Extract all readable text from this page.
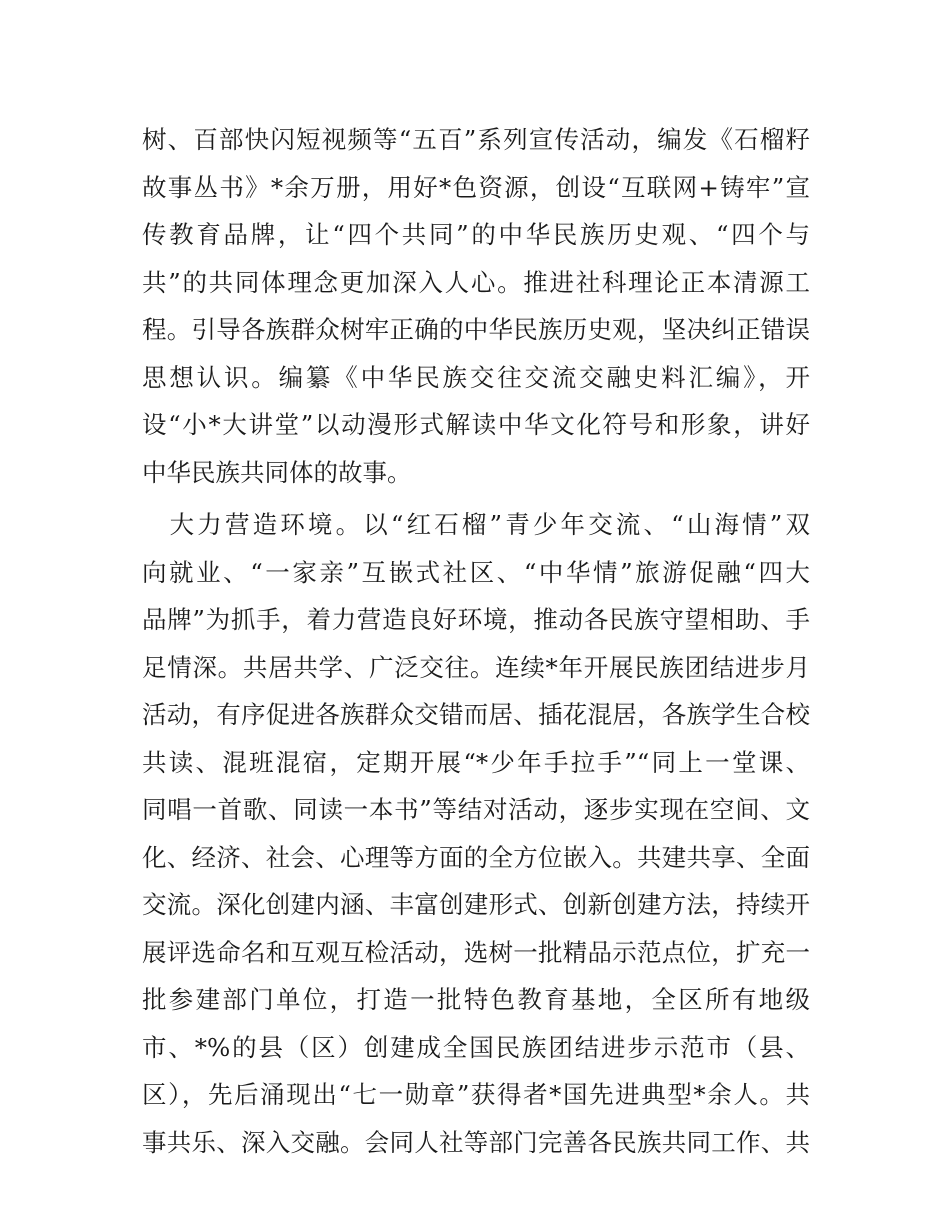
树、百部快闪短视频等“五百”系列宣传活动，编发《石榴籽
故事丛书》*余万册，用好*色资源，创设“互联网+铸牢”宣
传教育品牌，让“四个共同”的中华民族历史观、“四个与
共”的共同体理念更加深入人心。推进社科理论正本清源工
程。引导各族群众树牢正确的中华民族历史观，坚决纠正错误
思想认识。编纂《中华民族交往交流交融史料汇编》，开
设“小*大讲堂”以动漫形式解读中华文化符号和形象，讲好
中华民族共同体的故事。
　大力营造环境。以“红石榴”青少年交流、“山海情”双
向就业、“一家亲”互嵌式社区、“中华情”旅游促融“四大
品牌”为抓手，着力营造良好环境，推动各民族守望相助、手
足情深。共居共学、广泛交往。连续*年开展民族团结进步月
活动，有序促进各族群众交错而居、插花混居，各族学生合校
共读、混班混宿，定期开展“*少年手拉手”“同上一堂课、
同唱一首歌、同读一本书”等结对活动，逐步实现在空间、文
化、经济、社会、心理等方面的全方位嵌入。共建共享、全面
交流。深化创建内涵、丰富创建形式、创新创建方法，持续开
展评选命名和互观互检活动，选树一批精品示范点位，扩充一
批参建部门单位，打造一批特色教育基地，全区所有地级
市、*%的县（区）创建成全国民族团结进步示范市（县、
区），先后涌现出“七一勋章”获得者*国先进典型*余人。共
事共乐、深入交融。会同人社等部门完善各民族共同工作、共
